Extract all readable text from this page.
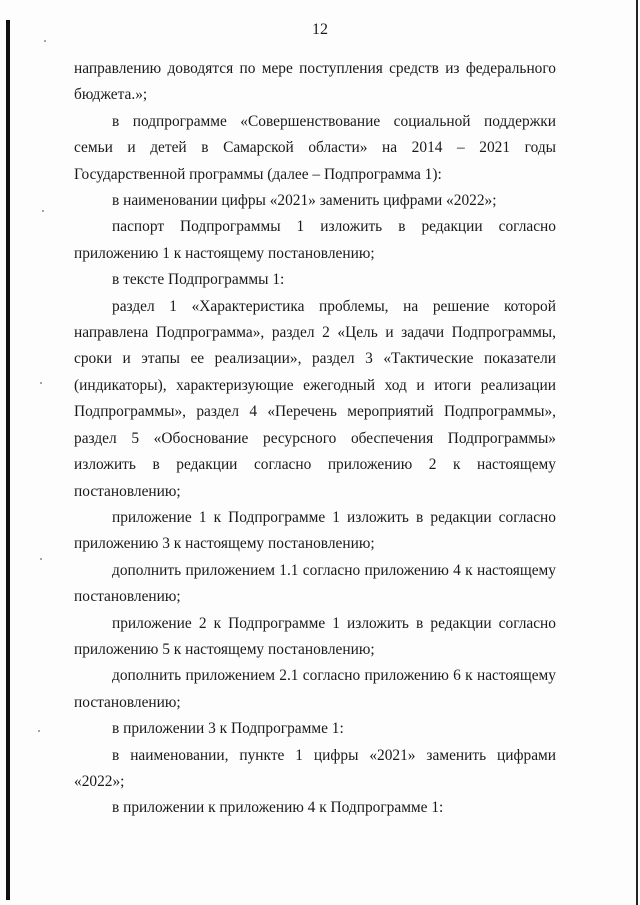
12

направлению доводятся по мере поступления средств из федерального бюджета.»;

в подпрограмме «Совершенствование социальной поддержки семьи и детей в Самарской области» на 2014 – 2021 годы Государственной программы (далее – Подпрограмма 1):

в наименовании цифры «2021» заменить цифрами «2022»;

паспорт Подпрограммы 1 изложить в редакции согласно приложению 1 к настоящему постановлению;

в тексте Подпрограммы 1:

раздел 1 «Характеристика проблемы, на решение которой направлена Подпрограмма», раздел 2 «Цель и задачи Подпрограммы, сроки и этапы ее реализации», раздел 3 «Тактические показатели (индикаторы), характеризующие ежегодный ход и итоги реализации Подпрограммы», раздел 4 «Перечень мероприятий Подпрограммы», раздел 5 «Обоснование ресурсного обеспечения Подпрограммы» изложить в редакции согласно приложению 2 к настоящему постановлению;

приложение 1 к Подпрограмме 1 изложить в редакции согласно приложению 3 к настоящему постановлению;

дополнить приложением 1.1 согласно приложению 4 к настоящему постановлению;

приложение 2 к Подпрограмме 1 изложить в редакции согласно приложению 5 к настоящему постановлению;

дополнить приложением 2.1 согласно приложению 6 к настоящему постановлению;

в приложении 3 к Подпрограмме 1:

в наименовании, пункте 1 цифры «2021» заменить цифрами «2022»;

в приложении к приложению 4 к Подпрограмме 1:
